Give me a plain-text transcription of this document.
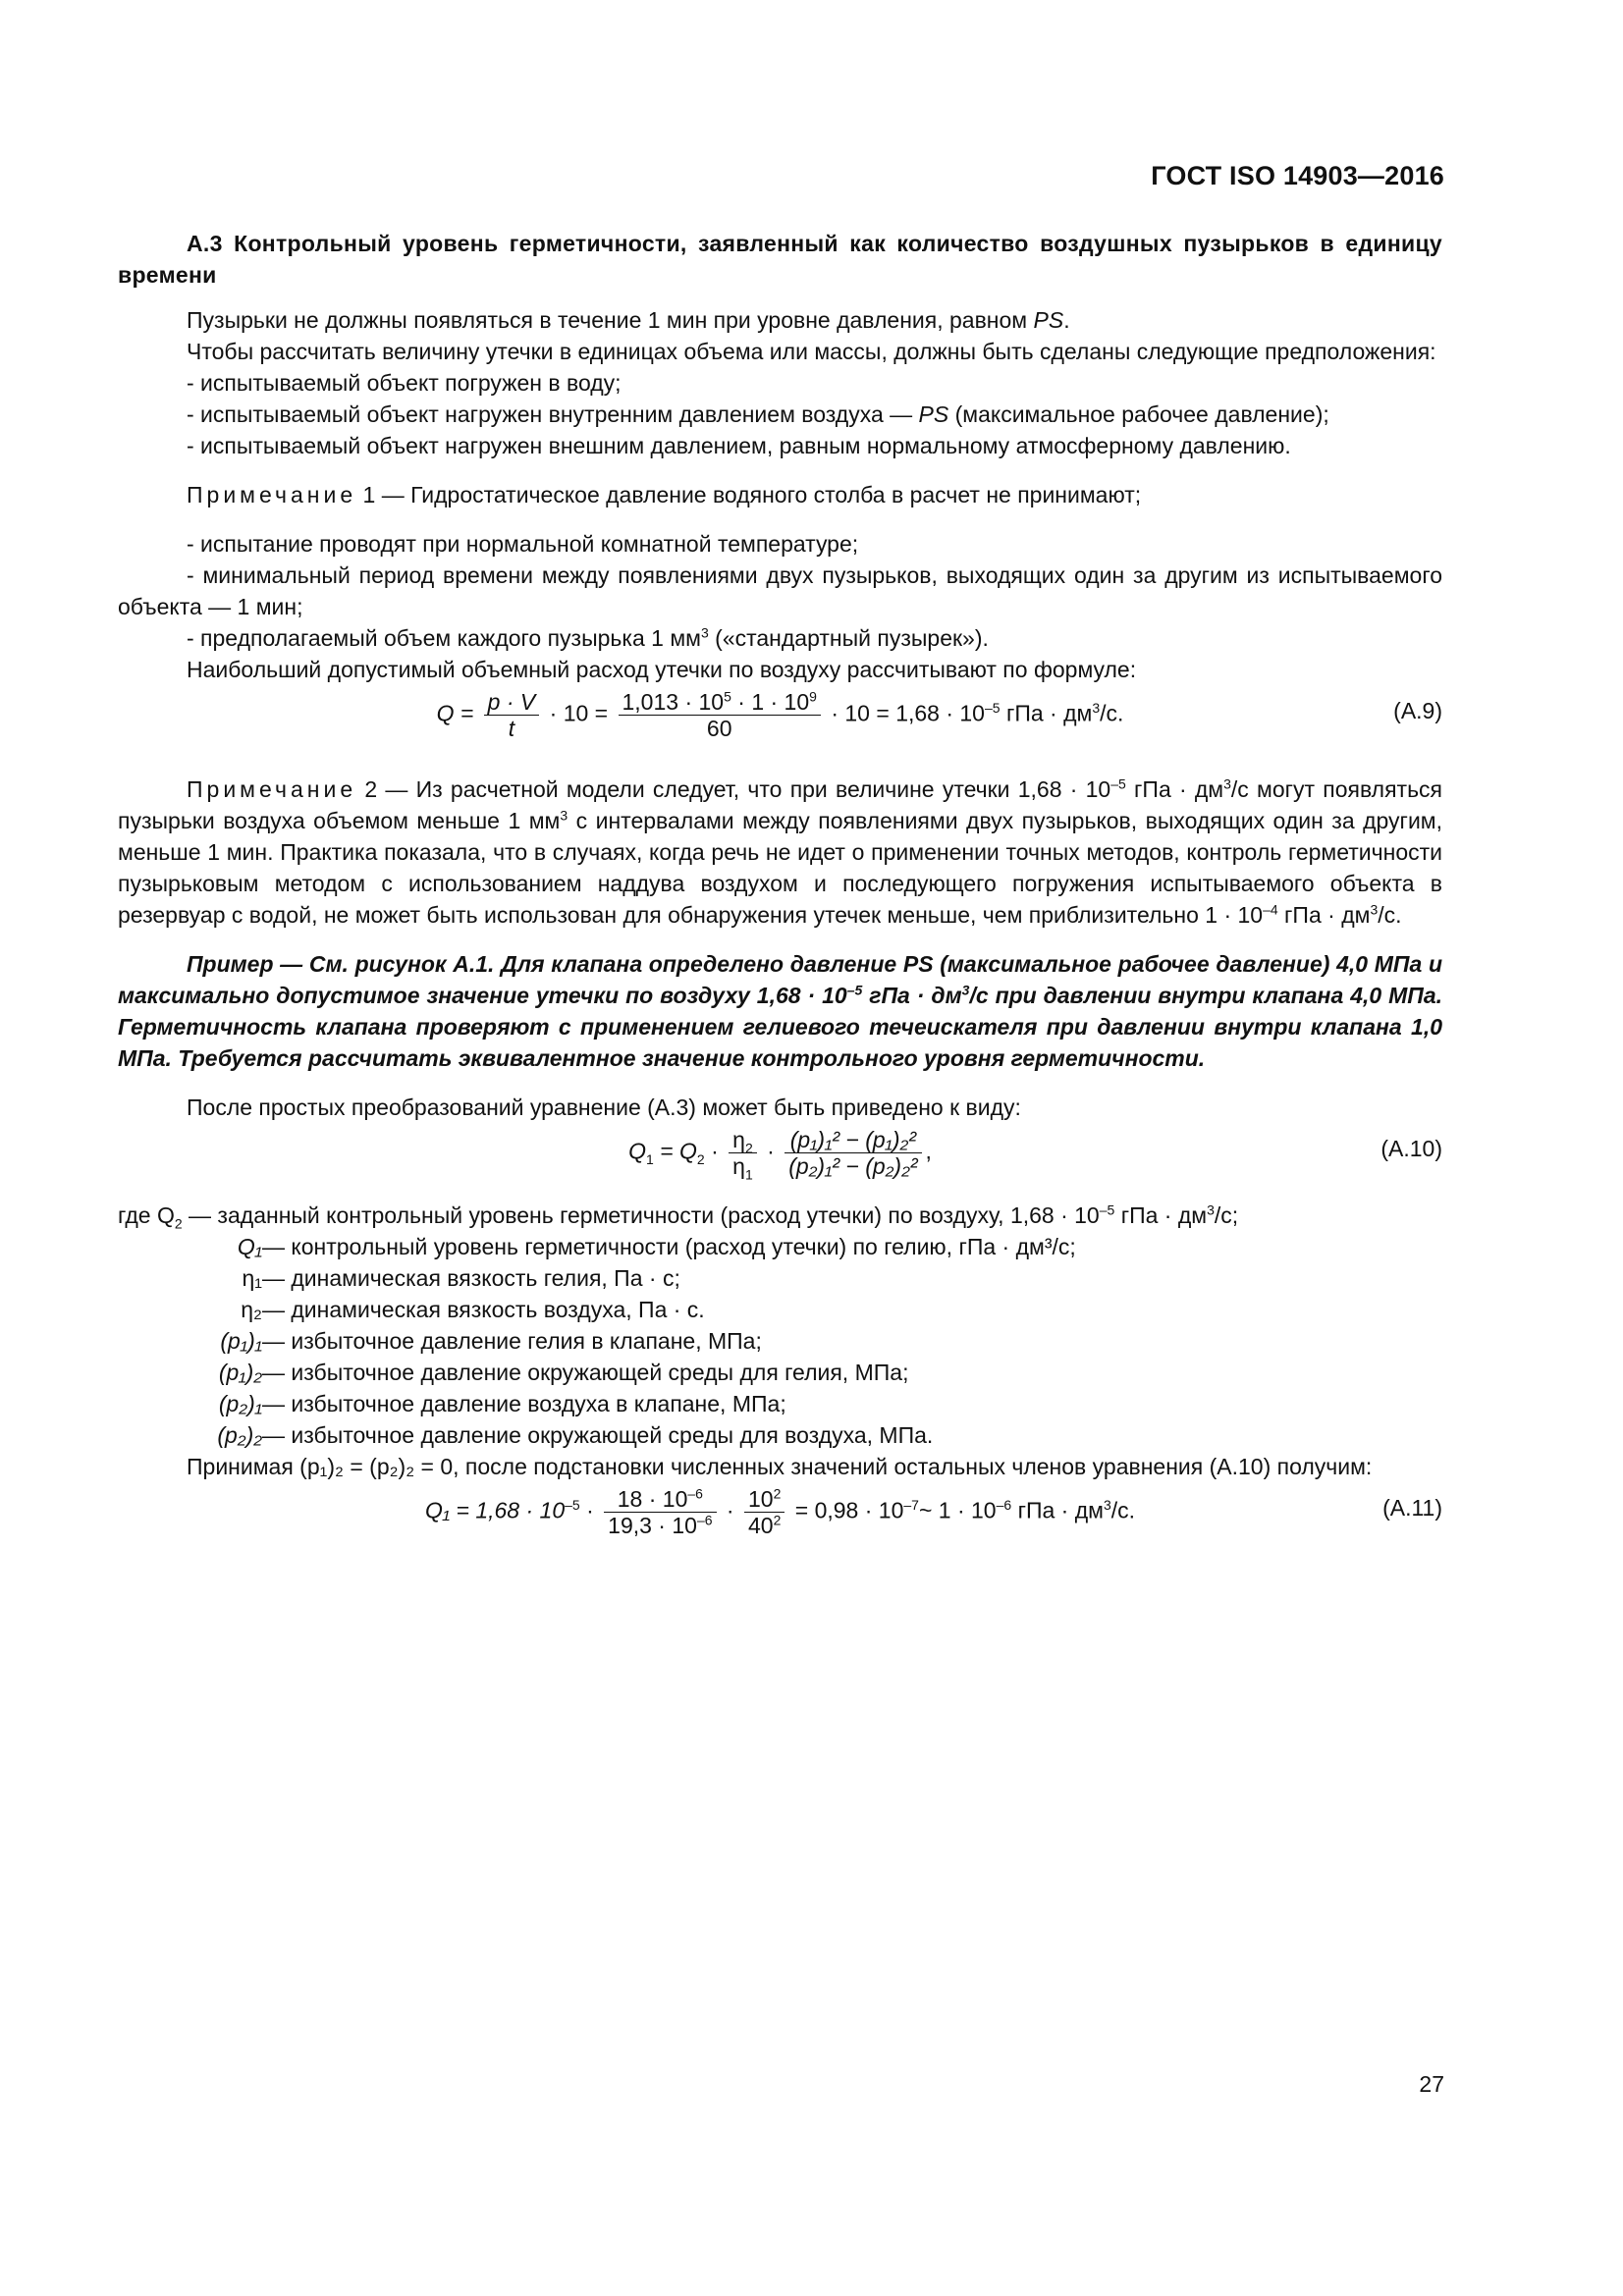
ГОСТ ISO 14903—2016

А.3 Контрольный уровень герметичности, заявленный как количество воздушных пузырьков в единицу времени

Пузырьки не должны появляться в течение 1 мин при уровне давления, равном PS.

Чтобы рассчитать величину утечки в единицах объема или массы, должны быть сделаны следующие предположения:

- испытываемый объект погружен в воду;

- испытываемый объект нагружен внутренним давлением воздуха — PS (максимальное рабочее давление);

- испытываемый объект нагружен внешним давлением, равным нормальному атмосферному давлению.

Примечание 1 — Гидростатическое давление водяного столба в расчет не принимают;

- испытание проводят при нормальной комнатной температуре;

- минимальный период времени между появлениями двух пузырьков, выходящих один за другим из испытываемого объекта — 1 мин;

- предполагаемый объем каждого пузырька 1 $мм^3$ («стандартный пузырек»).

Наибольший допустимый объемный расход утечки по воздуху рассчитывают по формуле:

$Q = \frac{p \cdot V}{t} \cdot 10 = \frac{1,013 \cdot 10^5 \cdot 1 \cdot 10^9}{60} \cdot 10 = 1,68 \cdot 10^{-5}$ гПа · $дм^3/с$.	(А.9)

Примечание 2 — Из расчетной модели следует, что при величине утечки $1,68 \cdot 10^{-5}$ гПа · $дм^3/с$ могут появляться пузырьки воздуха объемом меньше 1 $мм^3$ с интервалами между появлениями двух пузырьков, выходящих один за другим, меньше 1 мин. Практика показала, что в случаях, когда речь не идет о применении точных методов, контроль герметичности пузырьковым методом с использованием наддува воздухом и последующего погружения испытываемого объекта в резервуар с водой, не может быть использован для обнаружения утечек меньше, чем приблизительно $1 \cdot 10^{-4}$ гПа · $дм^3/с$.

Пример — См. рисунок А.1. Для клапана определено давление PS (максимальное рабочее давление) 4,0 МПа и максимально допустимое значение утечки по воздуху $1,68 \cdot 10^{-5}$ гПа · $дм^3/с$ при давлении внутри клапана 4,0 МПа. Герметичность клапана проверяют с применением гелиевого течеискателя при давлении внутри клапана 1,0 МПа. Требуется рассчитать эквивалентное значение контрольного уровня герметичности.

После простых преобразований уравнение (А.3) может быть приведено к виду:

$Q_1 = Q_2 \cdot \frac{\eta_2}{\eta_1} \cdot \frac{\text{(p₁)₁² − (p₁)₂²}}{\text{(p₂)₁² − (p₂)₂²}}$ ,	(А.10)

где $Q_2$ — заданный контрольный уровень герметичности (расход утечки) по воздуху, $1,68 \cdot 10^{-5}$ гПа · $дм^3/с$;

Q₁ — контрольный уровень герметичности (расход утечки) по гелию, гПа · дм³/с;
η₁ — динамическая вязкость гелия, Па · с;
η₂ — динамическая вязкость воздуха, Па · с.
(p₁)₁ — избыточное давление гелия в клапане, МПа;
(p₁)₂ — избыточное давление окружающей среды для гелия, МПа;
(p₂)₁ — избыточное давление воздуха в клапане, МПа;
(p₂)₂ — избыточное давление окружающей среды для воздуха, МПа.

Принимая (p₁)₂ = (p₂)₂ = 0, после подстановки численных значений остальных членов уравнения (А.10) получим:

$Q_1 = 1,68 \cdot 10^{-5} \cdot \frac{18 \cdot 10^{-6}}{19,3 \cdot 10^{-6}} \cdot \frac{10^2}{40^2} = 0,98$ · $10^{-7}\sim$ $1 \cdot 10^{-6}$ гПа · $дм^3/с$.	(А.11)
27
